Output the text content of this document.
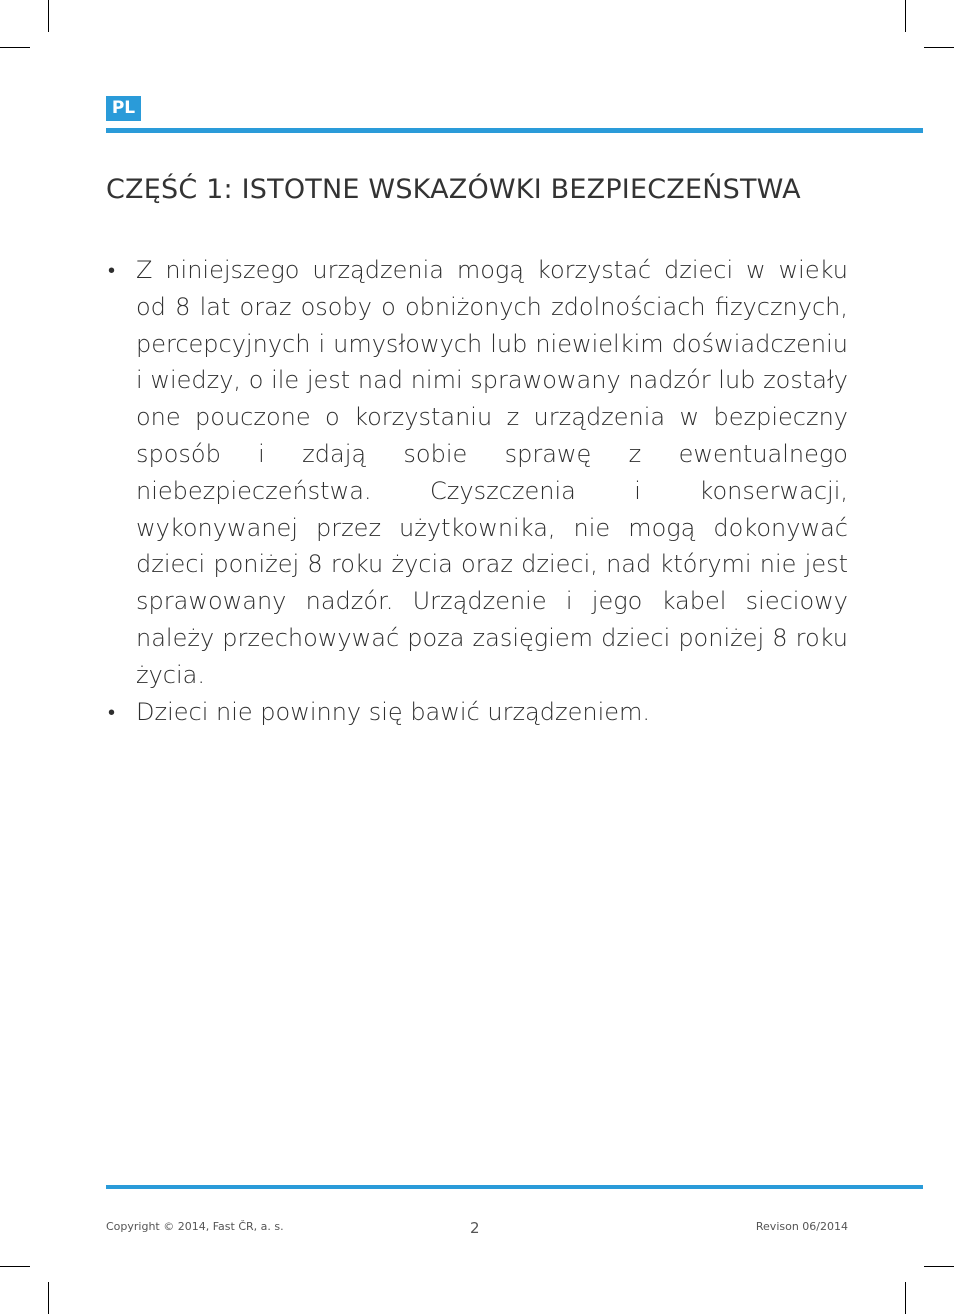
PL
CZĘŚĆ 1: ISTOTNE WSKAZÓWKI BEZPIECZEŃSTWA
• Z niniejszego urządzenia mogą korzystać dzieci w wieku od 8 lat oraz osoby o obniżonych zdolnościach fizycznych, percepcyjnych i umysłowych lub niewielkim doświadczeniu i wiedzy, o ile jest nad nimi sprawowany nadzór lub zostały one pouczone o korzystaniu z urządzenia w bezpieczny sposób i zdają sobie sprawę z ewentualnego niebezpieczeństwa. Czyszczenia i konserwacji, wykonywanej przez użytkownika, nie mogą dokonywać dzieci poniżej 8 roku życia oraz dzieci, nad którymi nie jest sprawowany nadzór. Urządzenie i jego kabel sieciowy należy przechowywać poza zasięgiem dzieci poniżej 8 roku życia.
• Dzieci nie powinny się bawić urządzeniem.
Copyright © 2014, Fast ČR, a. s.	2	Revison 06/2014
